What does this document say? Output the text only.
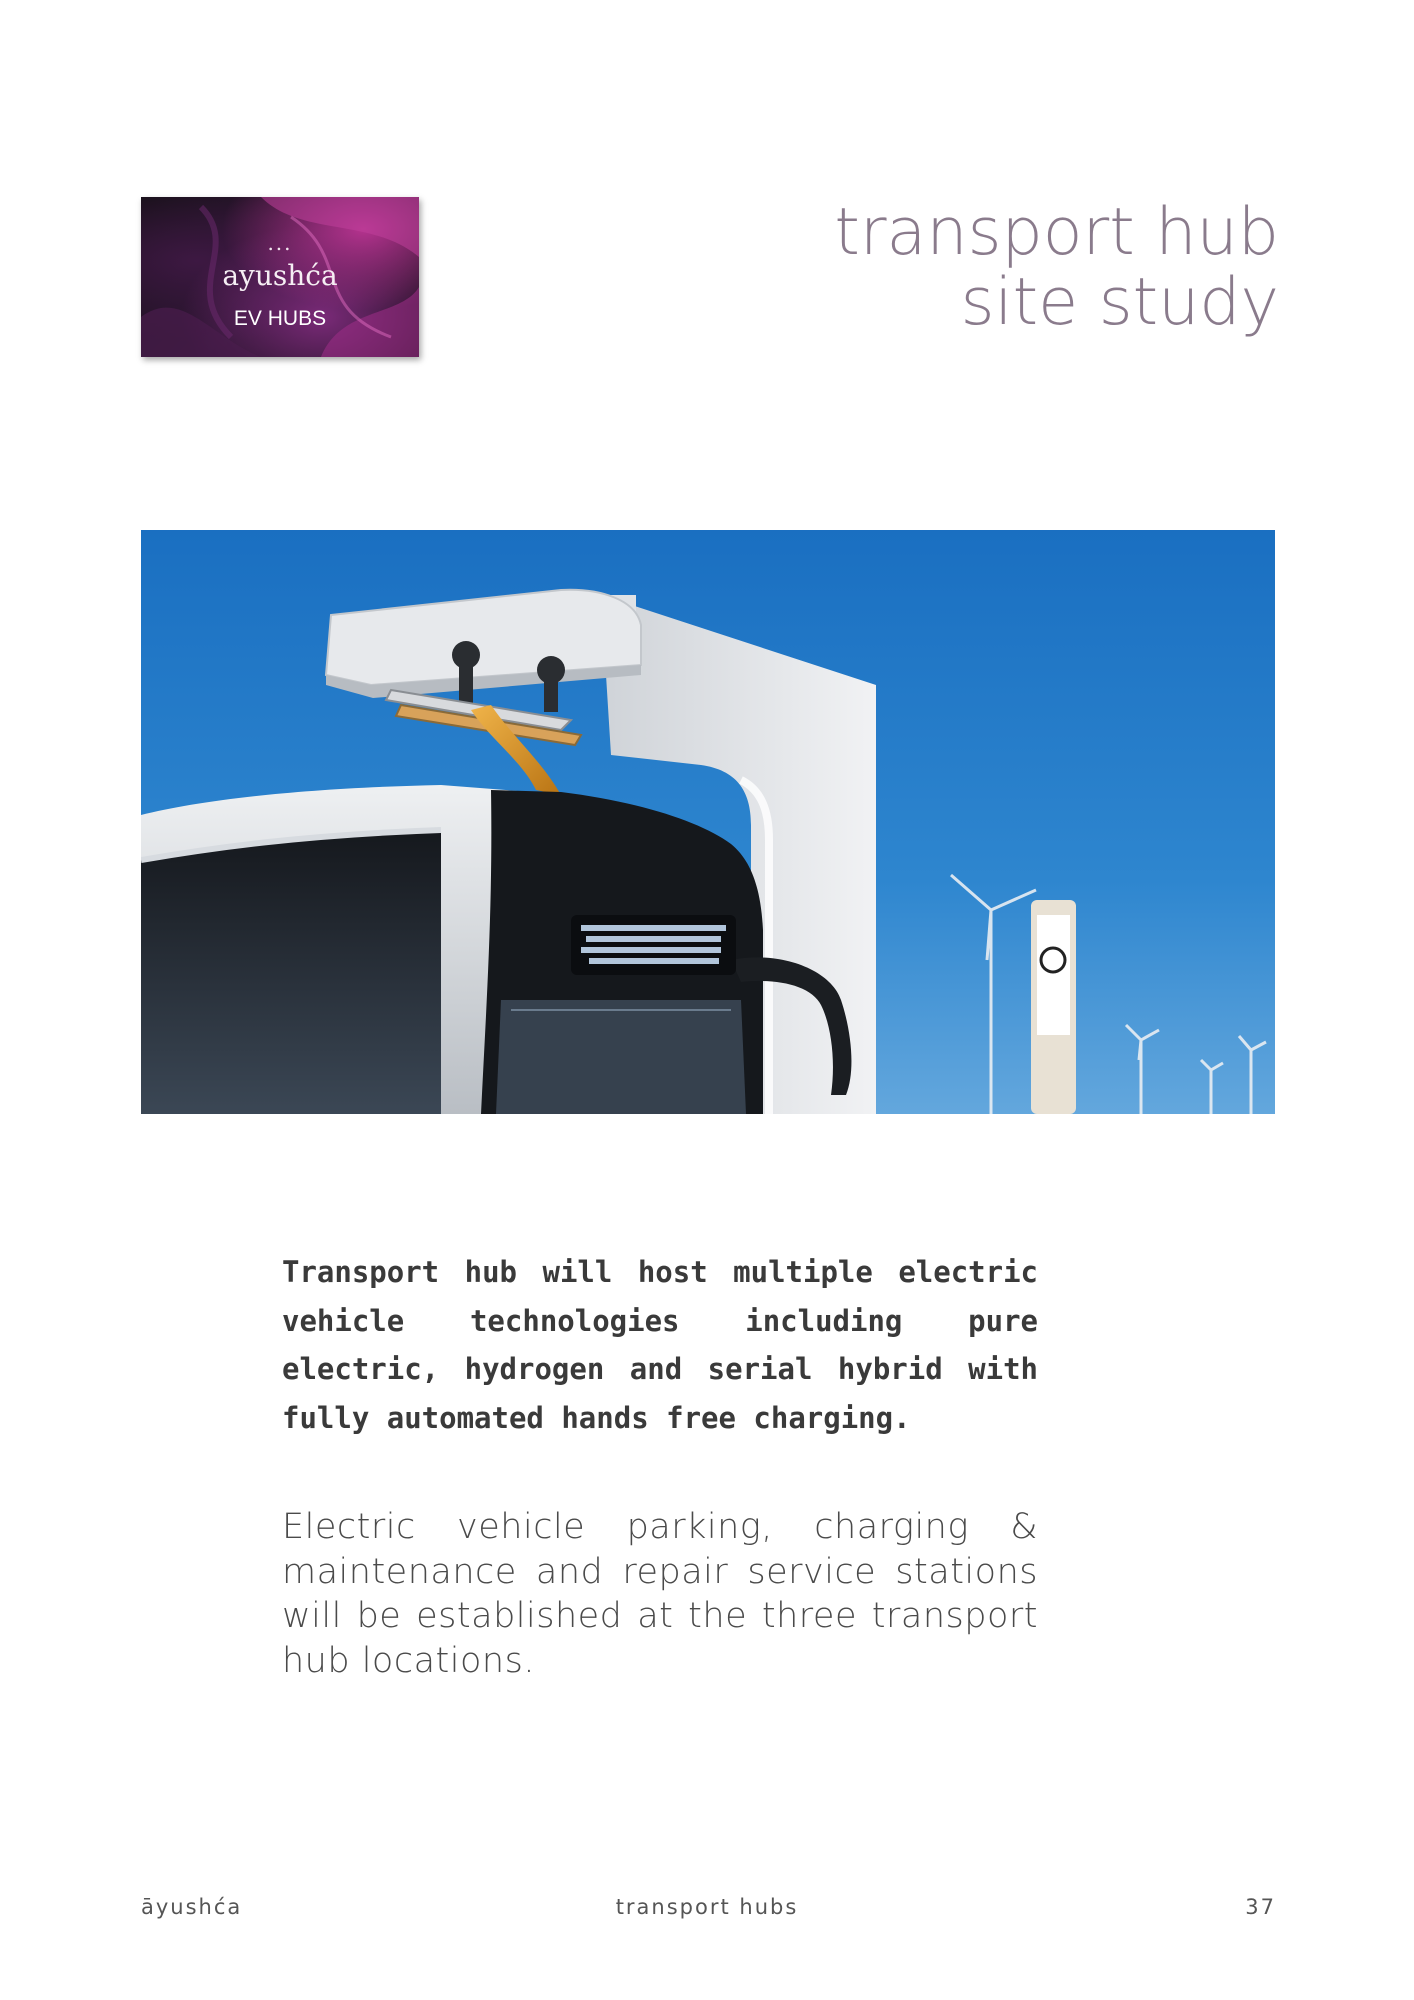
...
ayushća
EV HUBS
transport hub
site study

Transport hub will host multiple electric vehicle technologies including pure electric, hydrogen and serial hybrid with fully automated hands free charging.

Electric vehicle parking, charging & maintenance and repair service stations will be established at the three transport hub locations.

transport hubs
āyushća	37
